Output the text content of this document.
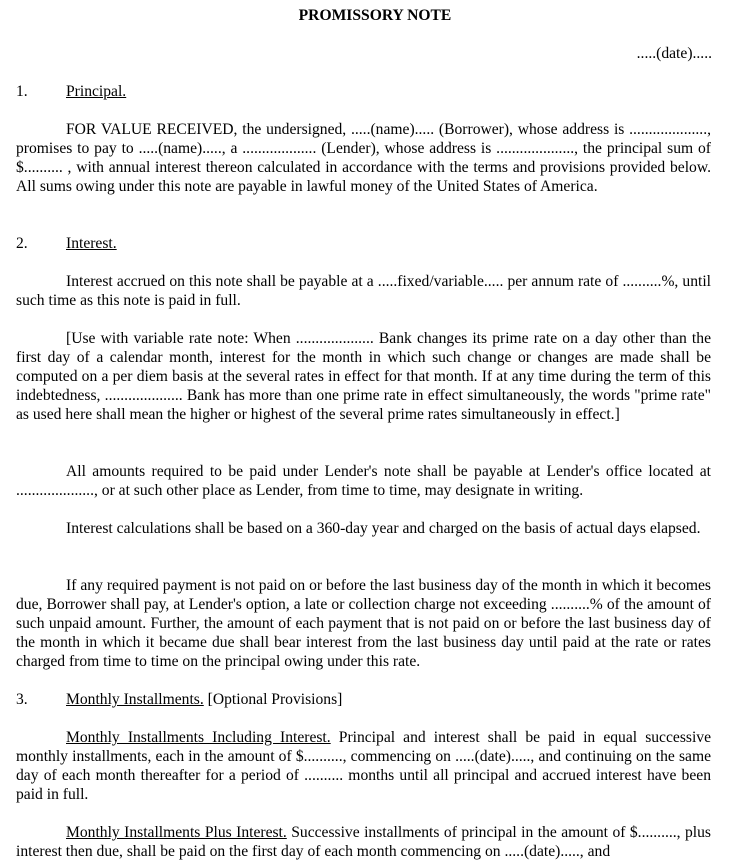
PROMISSORY NOTE
.....(date).....
1. Principal.

FOR VALUE RECEIVED, the undersigned, .....(name)..... (Borrower), whose address is ...................., promises to pay to .....(name)....., a ................... (Lender), whose address is ...................., the principal sum of $.......... , with annual interest thereon calculated in accordance with the terms and provisions provided below. All sums owing under this note are payable in lawful money of the United States of America.

2. Interest.

Interest accrued on this note shall be payable at a .....fixed/variable..... per annum rate of ..........%, until such time as this note is paid in full.

[Use with variable rate note: When .................... Bank changes its prime rate on a day other than the first day of a calendar month, interest for the month in which such change or changes are made shall be computed on a per diem basis at the several rates in effect for that month. If at any time during the term of this indebtedness, .................... Bank has more than one prime rate in effect simultaneously, the words "prime rate" as used here shall mean the higher or highest of the several prime rates simultaneously in effect.]

All amounts required to be paid under Lender's note shall be payable at Lender's office located at ...................., or at such other place as Lender, from time to time, may designate in writing.

Interest calculations shall be based on a 360-day year and charged on the basis of actual days elapsed.

If any required payment is not paid on or before the last business day of the month in which it becomes due, Borrower shall pay, at Lender's option, a late or collection charge not exceeding ..........% of the amount of such unpaid amount. Further, the amount of each payment that is not paid on or before the last business day of the month in which it became due shall bear interest from the last business day until paid at the rate or rates charged from time to time on the principal owing under this rate.

3. Monthly Installments. [Optional Provisions]

Monthly Installments Including Interest. Principal and interest shall be paid in equal successive monthly installments, each in the amount of $.........., commencing on .....(date)....., and continuing on the same day of each month thereafter for a period of .......... months until all principal and accrued interest have been paid in full.

Monthly Installments Plus Interest. Successive installments of principal in the amount of $.........., plus interest then due, shall be paid on the first day of each month commencing on .....(date)....., and
